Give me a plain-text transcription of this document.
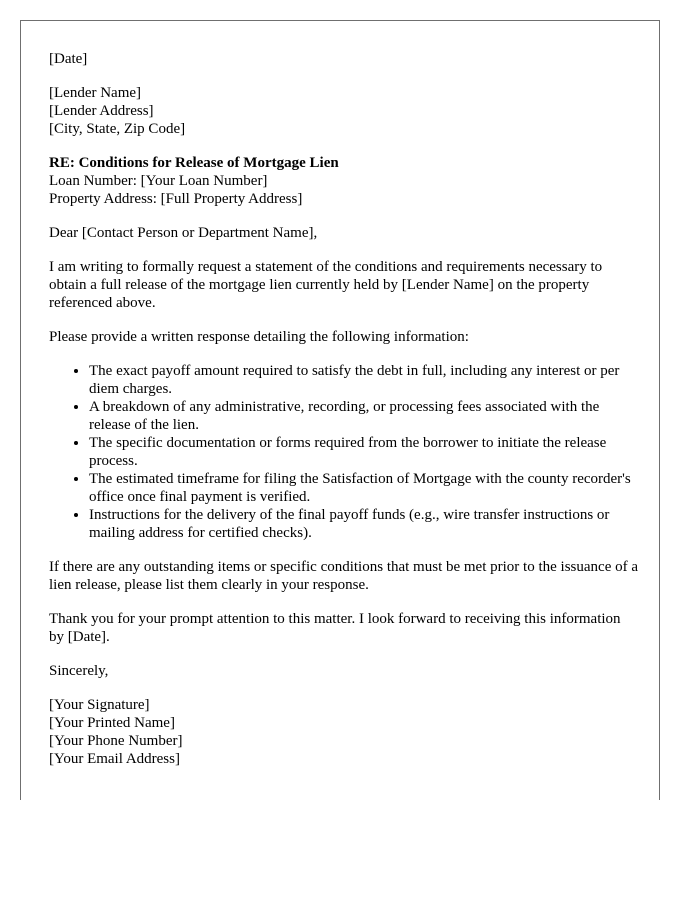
[Date]
[Lender Name]
[Lender Address]
[City, State, Zip Code]
RE: Conditions for Release of Mortgage Lien
Loan Number: [Your Loan Number]
Property Address: [Full Property Address]

Dear [Contact Person or Department Name],

I am writing to formally request a statement of the conditions and requirements necessary to obtain a full release of the mortgage lien currently held by [Lender Name] on the property referenced above.

Please provide a written response detailing the following information:

• The exact payoff amount required to satisfy the debt in full, including any interest or per diem charges.
• A breakdown of any administrative, recording, or processing fees associated with the release of the lien.
• The specific documentation or forms required from the borrower to initiate the release process.
• The estimated timeframe for filing the Satisfaction of Mortgage with the county recorder's office once final payment is verified.
• Instructions for the delivery of the final payoff funds (e.g., wire transfer instructions or mailing address for certified checks).

If there are any outstanding items or specific conditions that must be met prior to the issuance of a lien release, please list them clearly in your response.

Thank you for your prompt attention to this matter. I look forward to receiving this information by [Date].

Sincerely,

[Your Signature]
[Your Printed Name]
[Your Phone Number]
[Your Email Address]
